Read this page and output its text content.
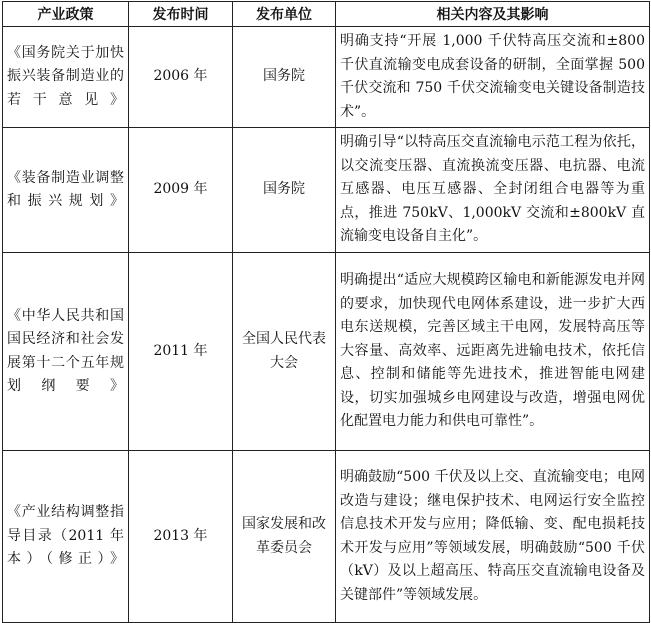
产业政策	发布时间	发布单位	相关内容及其影响
《国务院关于加快振兴装备制造业的若干意见》	2006 年	国务院	明确支持“开展 1,000 千伏特高压交流和±800 千伏直流输变电成套设备的研制，全面掌握 500 千伏交流和 750 千伏交流输变电关键设备制造技术”。
《装备制造业调整和振兴规划》	2009 年	国务院	明确引导“以特高压交直流输电示范工程为依托，以交流变压器、直流换流变压器、电抗器、电流互感器、电压互感器、全封闭组合电器等为重点，推进 750kV、1,000kV 交流和±800kV 直流输变电设备自主化”。
《中华人民共和国国民经济和社会发展第十二个五年规划纲要》	2011 年	全国人民代表大会	明确提出“适应大规模跨区输电和新能源发电并网的要求，加快现代电网体系建设，进一步扩大西电东送规模，完善区域主干电网，发展特高压等大容量、高效率、远距离先进输电技术，依托信息、控制和储能等先进技术，推进智能电网建设，切实加强城乡电网建设与改造，增强电网优化配置电力能力和供电可靠性”。
《产业结构调整指导目录（2011 年本）（修正）》	2013 年	国家发展和改革委员会	明确鼓励“500 千伏及以上交、直流输变电；电网改造与建设；继电保护技术、电网运行安全监控信息技术开发与应用；降低输、变、配电损耗技术开发与应用”等领域发展，明确鼓励“500 千伏（kV）及以上超高压、特高压交直流输电设备及关键部件”等领域发展。
